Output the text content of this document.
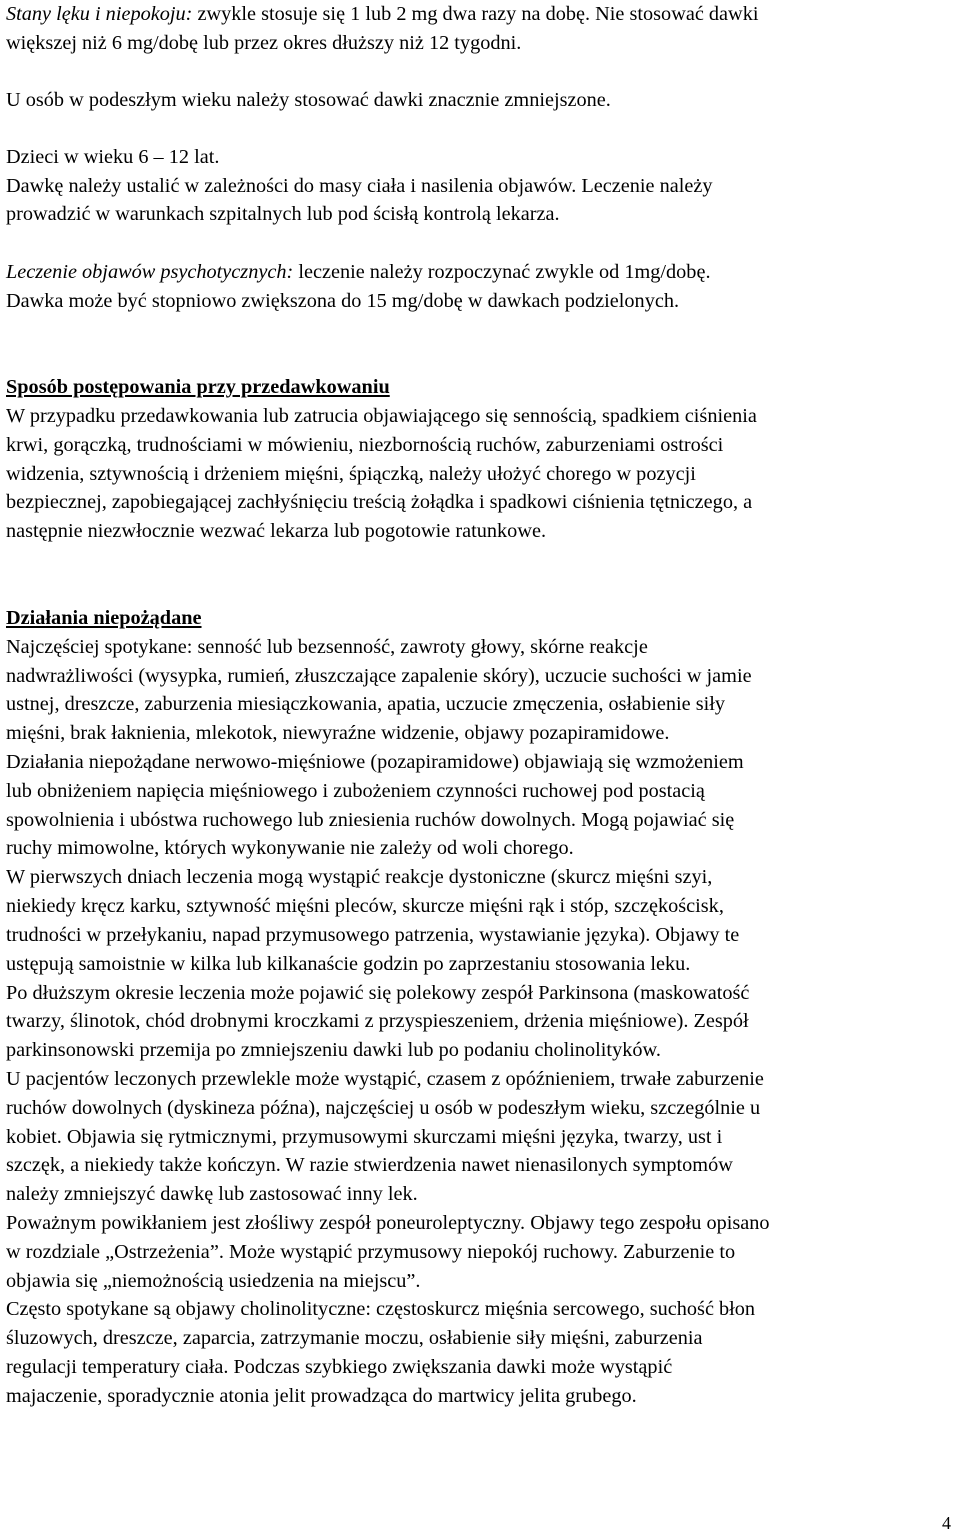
Stany lęku i niepokoju: zwykle stosuje się 1 lub 2 mg dwa razy na dobę. Nie stosować dawki
większej niż 6 mg/dobę lub przez okres dłuższy niż 12 tygodni.
U osób w podeszłym wieku należy stosować dawki znacznie zmniejszone.
Dzieci w wieku 6 – 12 lat.
Dawkę należy ustalić w zależności do masy ciała i nasilenia objawów. Leczenie należy
prowadzić w warunkach szpitalnych lub pod ścisłą kontrolą lekarza.
Leczenie objawów psychotycznych: leczenie należy rozpoczynać zwykle od 1mg/dobę.
Dawka może być stopniowo zwiększona do 15 mg/dobę w dawkach podzielonych.
Sposób postępowania przy przedawkowaniu
W przypadku przedawkowania lub zatrucia objawiającego się sennością, spadkiem ciśnienia
krwi, gorączką, trudnościami w mówieniu, niezbornością ruchów, zaburzeniami ostrości
widzenia, sztywnością i drżeniem mięśni, śpiączką, należy ułożyć chorego w pozycji
bezpiecznej, zapobiegającej zachłyśnięciu treścią żołądka i spadkowi ciśnienia tętniczego, a
następnie niezwłocznie wezwać lekarza lub pogotowie ratunkowe.
Działania niepożądane
Najczęściej spotykane: senność lub bezsenność, zawroty głowy, skórne reakcje
nadwrażliwości (wysypka, rumień, złuszczające zapalenie skóry), uczucie suchości w jamie
ustnej, dreszcze, zaburzenia miesiączkowania, apatia, uczucie zmęczenia, osłabienie siły
mięśni, brak łaknienia, mlekotok, niewyraźne widzenie, objawy pozapiramidowe.
Działania niepożądane nerwowo-mięśniowe (pozapiramidowe) objawiają się wzmożeniem
lub obniżeniem napięcia mięśniowego i zubożeniem czynności ruchowej pod postacią
spowolnienia i ubóstwa ruchowego lub zniesienia ruchów dowolnych. Mogą pojawiać się
ruchy mimowolne, których wykonywanie nie zależy od woli chorego.
W pierwszych dniach leczenia mogą wystąpić reakcje dystoniczne (skurcz mięśni szyi,
niekiedy kręcz karku, sztywność mięśni pleców, skurcze mięśni rąk i stóp, szczękościsk,
trudności w przełykaniu, napad przymusowego patrzenia, wystawianie języka). Objawy te
ustępują samoistnie w kilka lub kilkanaście godzin po zaprzestaniu stosowania leku.
Po dłuższym okresie leczenia może pojawić się polekowy zespół Parkinsona (maskowatość
twarzy, ślinotok, chód drobnymi kroczkami z przyspieszeniem, drżenia mięśniowe). Zespół
parkinsonowski przemija po zmniejszeniu dawki lub po podaniu cholinolityków.
U pacjentów leczonych przewlekle może wystąpić, czasem z opóźnieniem, trwałe zaburzenie
ruchów dowolnych (dyskineza późna), najczęściej u osób w podeszłym wieku, szczególnie u
kobiet. Objawia się rytmicznymi, przymusowymi skurczami mięśni języka, twarzy, ust i
szczęk, a niekiedy także kończyn. W razie stwierdzenia nawet nienasilonych symptomów
należy zmniejszyć dawkę lub zastosować inny lek.
Poważnym powikłaniem jest złośliwy zespół poneuroleptyczny. Objawy tego zespołu opisano
w rozdziale „Ostrzeżenia”. Może wystąpić przymusowy niepokój ruchowy. Zaburzenie to
objawia się „niemożnością usiedzenia na miejscu”.
Często spotykane są objawy cholinolityczne: częstoskurcz mięśnia sercowego, suchość błon
śluzowych, dreszcze, zaparcia, zatrzymanie moczu, osłabienie siły mięśni, zaburzenia
regulacji temperatury ciała. Podczas szybkiego zwiększania dawki może wystąpić
majaczenie, sporadycznie atonia jelit prowadząca do martwicy jelita grubego.
4
